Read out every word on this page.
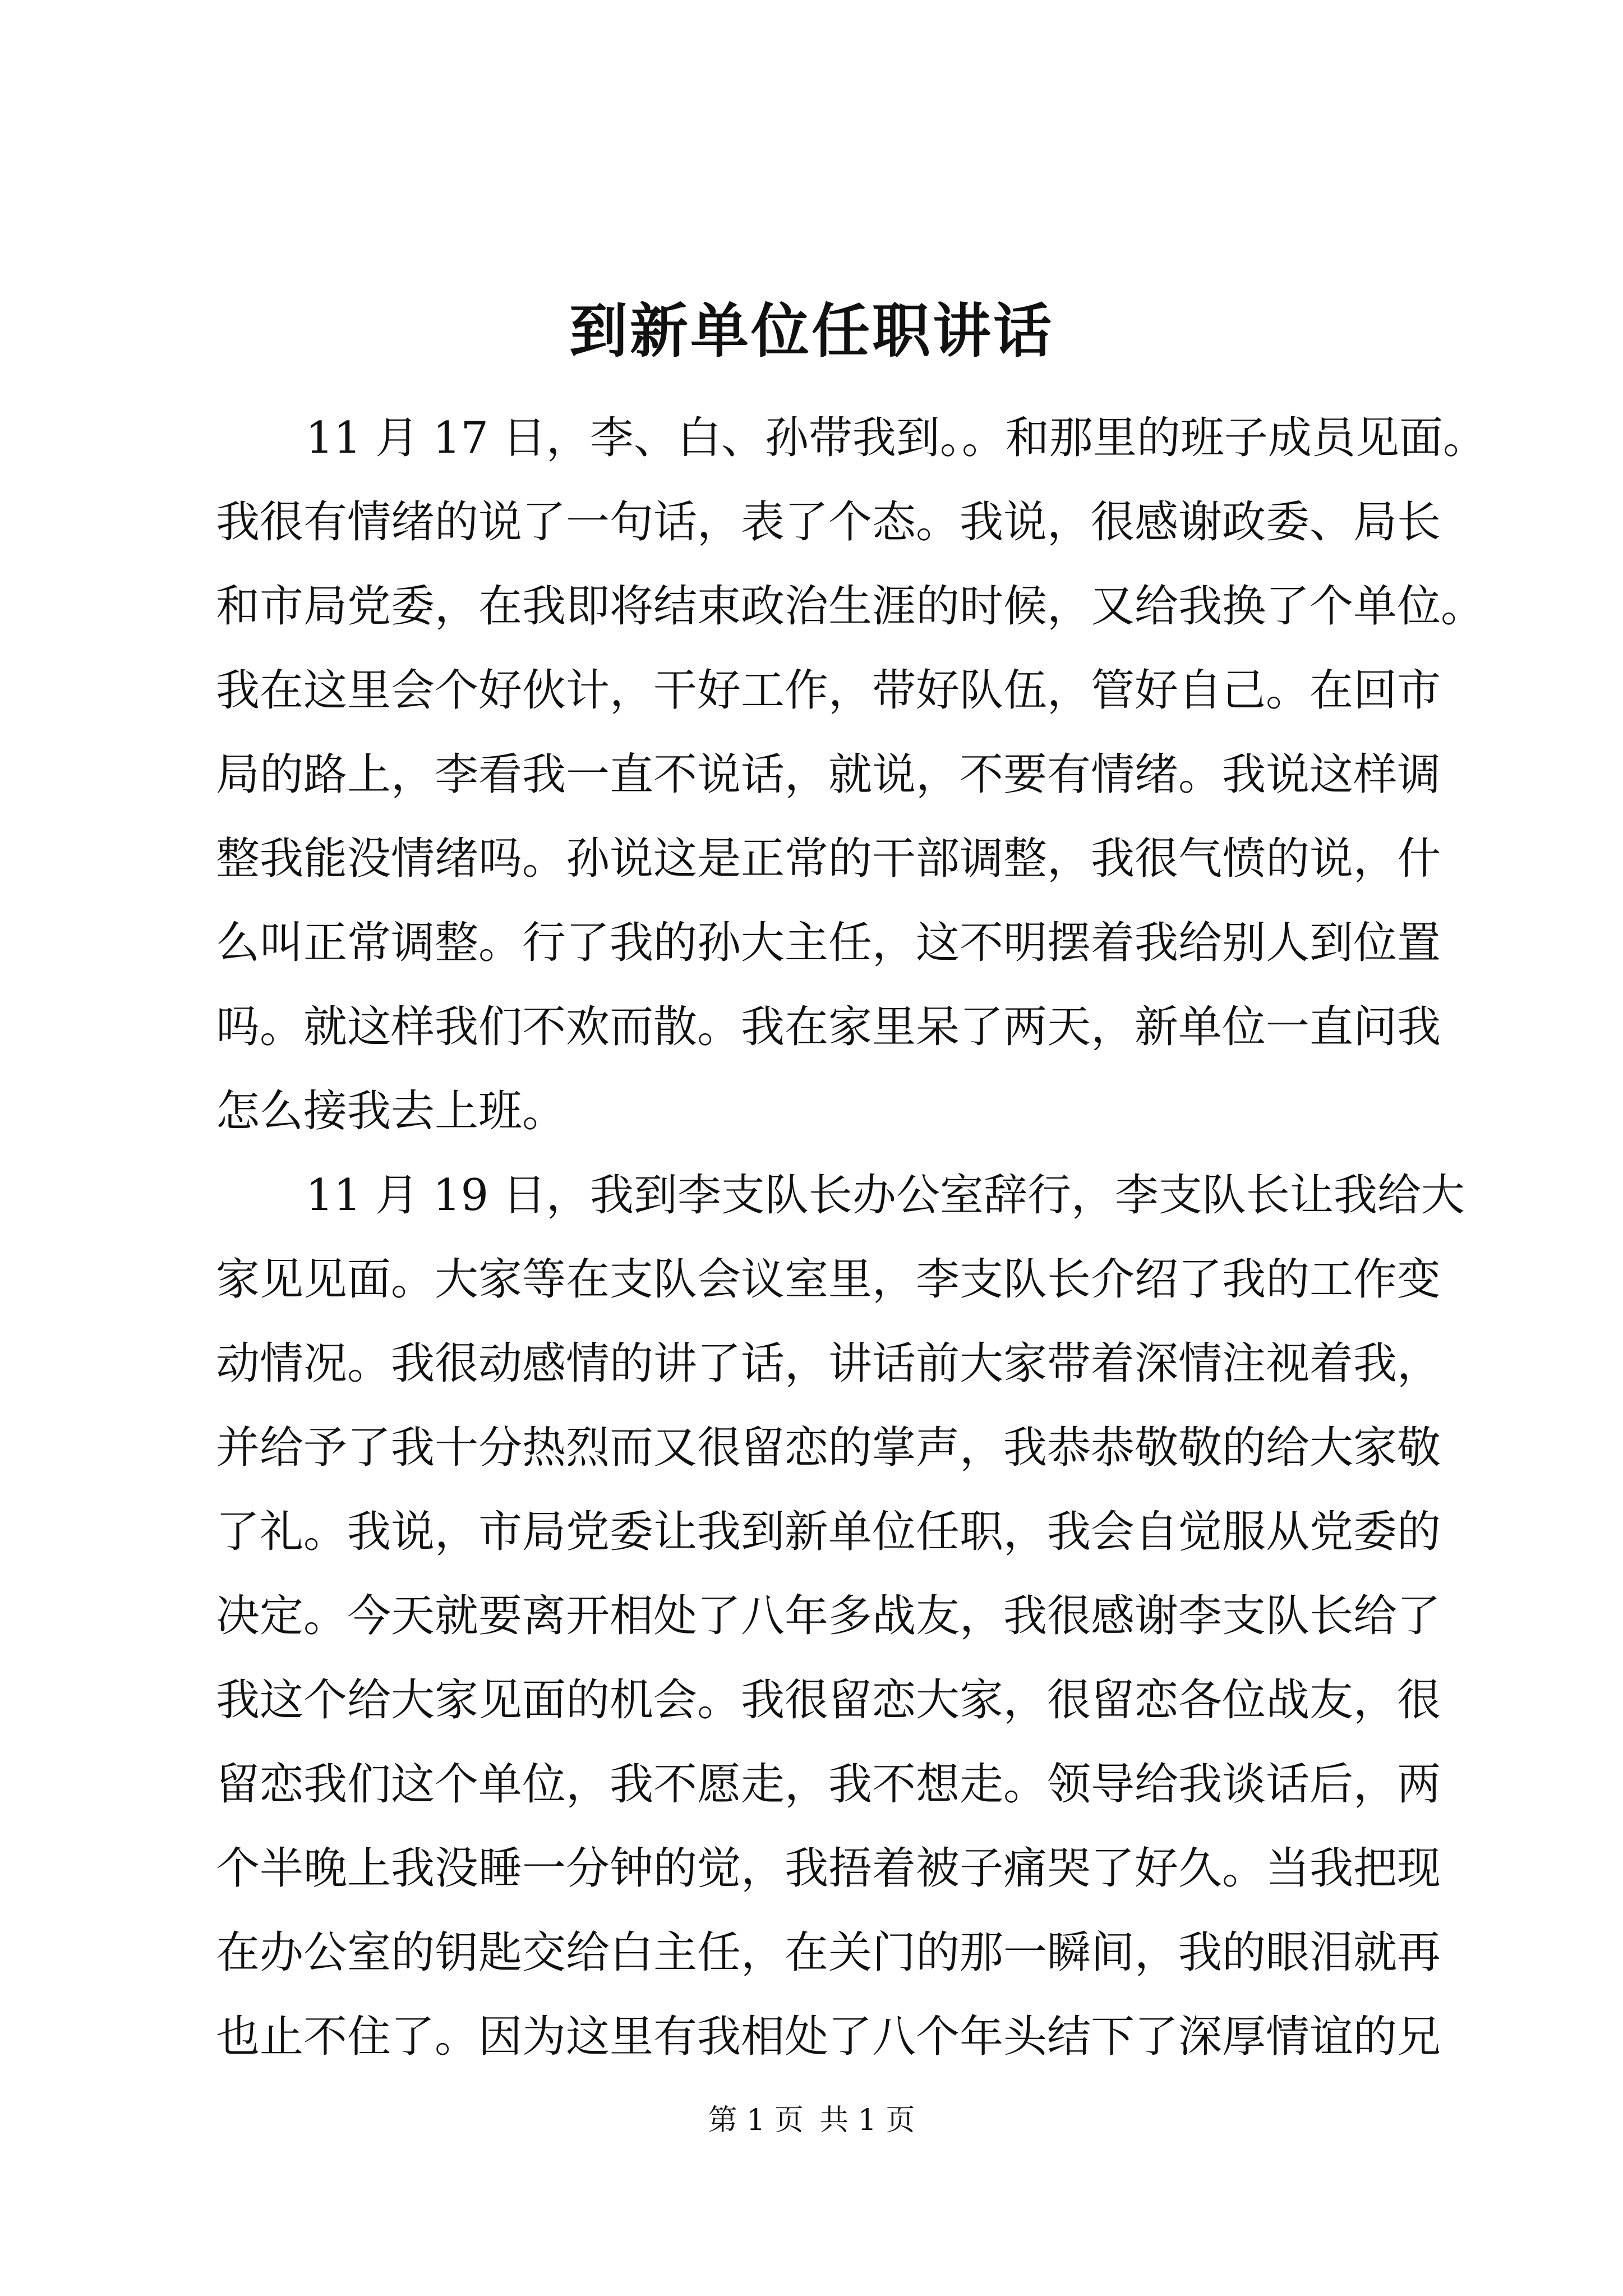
到新单位任职讲话
11 月 17 日，李、白、孙带我到。。和那里的班子成员见面。
我很有情绪的说了一句话，表了个态。我说，很感谢政委、局长
和市局党委，在我即将结束政治生涯的时候，又给我换了个单位。
我在这里会个好伙计，干好工作，带好队伍，管好自己。在回市
局的路上，李看我一直不说话，就说，不要有情绪。我说这样调
整我能没情绪吗。孙说这是正常的干部调整，我很气愤的说，什
么叫正常调整。行了我的孙大主任，这不明摆着我给别人到位置
吗。就这样我们不欢而散。我在家里呆了两天，新单位一直问我
怎么接我去上班。
11 月 19 日，我到李支队长办公室辞行，李支队长让我给大
家见见面。大家等在支队会议室里，李支队长介绍了我的工作变
动情况。我很动感情的讲了话，讲话前大家带着深情注视着我，
并给予了我十分热烈而又很留恋的掌声，我恭恭敬敬的给大家敬
了礼。我说，市局党委让我到新单位任职，我会自觉服从党委的
决定。今天就要离开相处了八年多战友，我很感谢李支队长给了
我这个给大家见面的机会。我很留恋大家，很留恋各位战友，很
留恋我们这个单位，我不愿走，我不想走。领导给我谈话后，两
个半晚上我没睡一分钟的觉，我捂着被子痛哭了好久。当我把现
在办公室的钥匙交给白主任，在关门的那一瞬间，我的眼泪就再
也止不住了。因为这里有我相处了八个年头结下了深厚情谊的兄
第 1 页 共 1 页
